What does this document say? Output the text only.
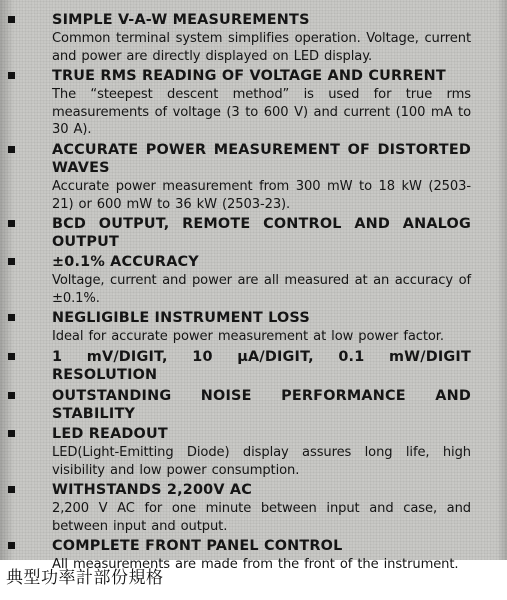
SIMPLE V-A-W MEASUREMENTS
Common terminal system simplifies operation. Voltage, current and power are directly displayed on LED display.
TRUE RMS READING OF VOLTAGE AND CURRENT
The “steepest descent method” is used for true rms measurements of voltage (3 to 600 V) and current (100 mA to 30 A).
ACCURATE POWER MEASUREMENT OF DISTORTED WAVES
Accurate power measurement from 300 mW to 18 kW (2503-21) or 600 mW to 36 kW (2503-23).
BCD OUTPUT, REMOTE CONTROL AND ANALOG OUTPUT
±0.1% ACCURACY
Voltage, current and power are all measured at an accuracy of ±0.1%.
NEGLIGIBLE INSTRUMENT LOSS
Ideal for accurate power measurement at low power factor.
1 mV/DIGIT, 10 μA/DIGIT, 0.1 mW/DIGIT RESOLUTION
OUTSTANDING NOISE PERFORMANCE AND STABILITY
LED READOUT
LED(Light-Emitting Diode) display assures long life, high visibility and low power consumption.
WITHSTANDS 2,200V AC
2,200 V AC for one minute between input and case, and between input and output.
COMPLETE FRONT PANEL CONTROL
All measurements are made from the front of the instrument.
典型功率計部份規格
